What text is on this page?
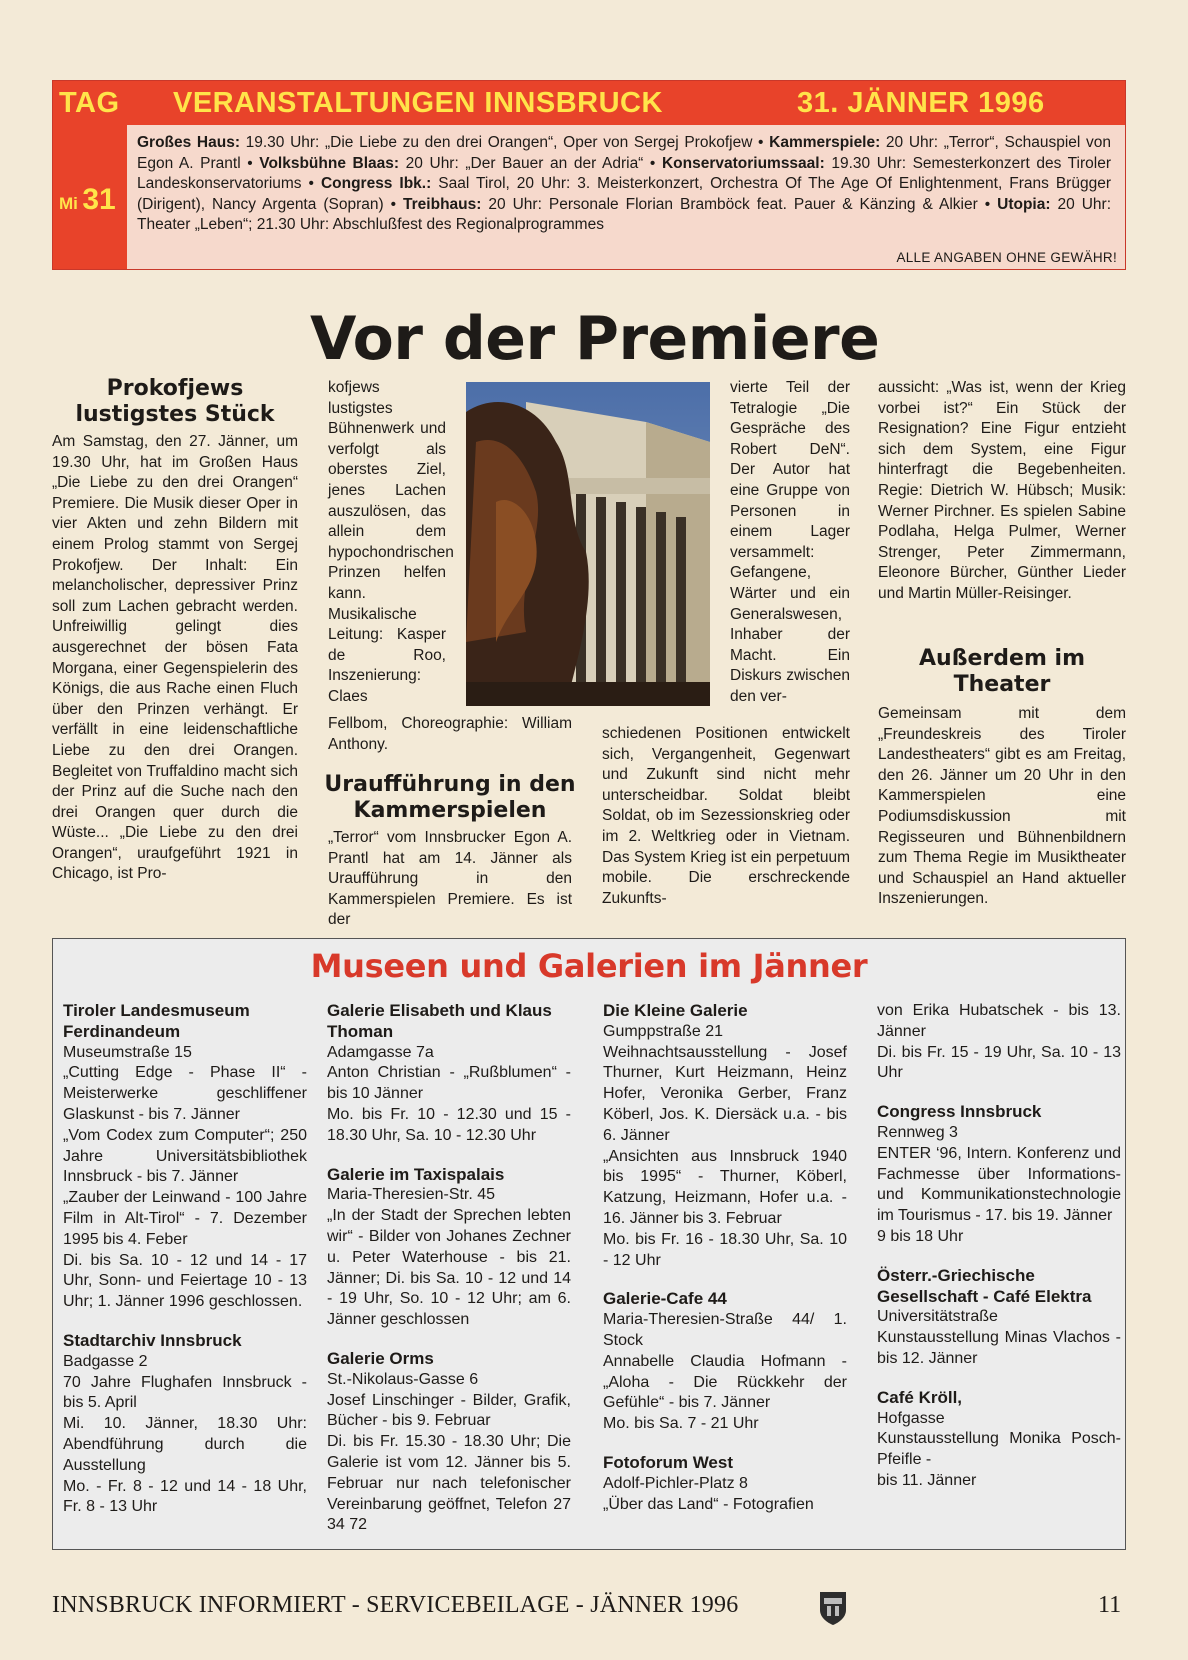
TAG VERANSTALTUNGEN INNSBRUCK	31. JÄNNER 1996
Mi 31

Großes Haus: 19.30 Uhr: „Die Liebe zu den drei Orangen“, Oper von Sergej Prokofjew • Kammerspiele: 20 Uhr: „Terror“, Schauspiel von Egon A. Prantl • Volksbühne Blaas: 20 Uhr: „Der Bauer an der Adria“ • Konservatoriumssaal: 19.30 Uhr: Semesterkonzert des Tiroler Landeskonservatoriums • Congress Ibk.: Saal Tirol, 20 Uhr: 3. Meisterkonzert, Orchestra Of The Age Of Enlightenment, Frans Brügger (Dirigent), Nancy Argenta (Sopran) • Treibhaus: 20 Uhr: Personale Florian Bramböck feat. Pauer & Känzing & Alkier • Utopia: 20 Uhr: Theater „Leben“; 21.30 Uhr: Abschlußfest des Regionalprogrammes

ALLE ANGABEN OHNE GEWÄHR!
Vor der Premiere
Prokofjews lustigstes Stück

Am Samstag, den 27. Jänner, um 19.30 Uhr, hat im Großen Haus „Die Liebe zu den drei Orangen“ Premiere. Die Musik dieser Oper in vier Akten und zehn Bildern mit einem Prolog stammt von Sergej Prokofjew. Der Inhalt: Ein melancholischer, depressiver Prinz soll zum Lachen gebracht werden. Unfreiwillig gelingt dies ausgerechnet der bösen Fata Morgana, einer Gegenspielerin des Königs, die aus Rache einen Fluch über den Prinzen verhängt. Er verfällt in eine leidenschaftliche Liebe zu den drei Orangen. Begleitet von Truffaldino macht sich der Prinz auf die Suche nach den drei Orangen quer durch die Wüste... „Die Liebe zu den drei Orangen“, uraufgeführt 1921 in Chicago, ist Pro-

kofjews lustigstes Bühnenwerk und verfolgt als oberstes Ziel, jenes Lachen auszulösen, das allein dem hypochondrischen Prinzen helfen kann. Musikalische Leitung: Kasper de Roo, Inszenierung: Claes
Fellbom, Choreographie: William Anthony.
Uraufführung in den Kammerspielen
„Terror“ vom Innsbrucker Egon A. Prantl hat am 14. Jänner als Uraufführung in den Kammerspielen Premiere. Es ist der
vierte Teil der Tetralogie „Die Gespräche des Robert DeN“. Der Autor hat eine Gruppe von Personen in einem Lager versammelt: Gefangene, Wärter und ein Generalswesen, Inhaber der Macht. Ein Diskurs zwischen den ver-
schiedenen Positionen entwickelt sich, Vergangenheit, Gegenwart und Zukunft sind nicht mehr unterscheidbar. Soldat bleibt Soldat, ob im Sezessionskrieg oder im 2. Weltkrieg oder in Vietnam. Das System Krieg ist ein perpetuum mobile. Die erschreckende Zukunfts-
aussicht: „Was ist, wenn der Krieg vorbei ist?“ Ein Stück der Resignation? Eine Figur entzieht sich dem System, eine Figur hinterfragt die Begebenheiten. Regie: Dietrich W. Hübsch; Musik: Werner Pirchner. Es spielen Sabine Podlaha, Helga Pulmer, Werner Strenger, Peter Zimmermann, Eleonore Bürcher, Günther Lieder und Martin Müller-Reisinger.
Außerdem im Theater
Gemeinsam mit dem „Freundeskreis des Tiroler Landestheaters“ gibt es am Freitag, den 26. Jänner um 20 Uhr in den Kammerspielen eine Podiumsdiskussion mit Regisseuren und Bühnenbildnern zum Thema Regie im Musiktheater und Schauspiel an Hand aktueller Inszenierungen.
Museen und Galerien im Jänner
Tiroler Landesmuseum Ferdinandeum

Museumstraße 15
„Cutting Edge - Phase II“ - Meisterwerke geschliffener Glaskunst - bis 7. Jänner
„Vom Codex zum Computer“; 250 Jahre Universitätsbibliothek Innsbruck - bis 7. Jänner
„Zauber der Leinwand - 100 Jahre Film in Alt-Tirol“ - 7. Dezember 1995 bis 4. Feber
Di. bis Sa. 10 - 12 und 14 - 17 Uhr, Sonn- und Feiertage 10 - 13 Uhr; 1. Jänner 1996 geschlossen.

Stadtarchiv Innsbruck

Badgasse 2
70 Jahre Flughafen Innsbruck - bis 5. April
Mi. 10. Jänner, 18.30 Uhr: Abendführung durch die Ausstellung
Mo. - Fr. 8 - 12 und 14 - 18 Uhr, Fr. 8 - 13 Uhr

Galerie Elisabeth und Klaus Thoman

Adamgasse 7a
Anton Christian - „Rußblumen“ - bis 10 Jänner
Mo. bis Fr. 10 - 12.30 und 15 - 18.30 Uhr, Sa. 10 - 12.30 Uhr

Galerie im Taxispalais

Maria-Theresien-Str. 45
„In der Stadt der Sprechen lebten wir“ - Bilder von Johanes Zechner u. Peter Waterhouse - bis 21. Jänner; Di. bis Sa. 10 - 12 und 14 - 19 Uhr, So. 10 - 12 Uhr; am 6. Jänner geschlossen

Galerie Orms

St.-Nikolaus-Gasse 6
Josef Linschinger - Bilder, Grafik, Bücher - bis 9. Februar
Di. bis Fr. 15.30 - 18.30 Uhr; Die Galerie ist vom 12. Jänner bis 5. Februar nur nach telefonischer Vereinbarung geöffnet, Telefon 27 34 72

Die Kleine Galerie

Gumppstraße 21
Weihnachtsausstellung - Josef Thurner, Kurt Heizmann, Heinz Hofer, Veronika Gerber, Franz Köberl, Jos. K. Diersäck u.a. - bis 6. Jänner
„Ansichten aus Innsbruck 1940 bis 1995“ - Thurner, Köberl, Katzung, Heizmann, Hofer u.a. - 16. Jänner bis 3. Februar
Mo. bis Fr. 16 - 18.30 Uhr, Sa. 10 - 12 Uhr

Galerie-Cafe 44

Maria-Theresien-Straße 44/ 1. Stock
Annabelle Claudia Hofmann - „Aloha - Die Rückkehr der Gefühle“ - bis 7. Jänner
Mo. bis Sa. 7 - 21 Uhr

Fotoforum West

Adolf-Pichler-Platz 8
„Über das Land“ - Fotografien

von Erika Hubatschek - bis 13. Jänner
Di. bis Fr. 15 - 19 Uhr, Sa. 10 - 13 Uhr

Congress Innsbruck

Rennweg 3
ENTER ‘96, Intern. Konferenz und Fachmesse über Informations- und Kommunikationstechnologie im Tourismus - 17. bis 19. Jänner
9 bis 18 Uhr

Österr.-Griechische Gesellschaft - Café Elektra

Universitätstraße
Kunstausstellung Minas Vlachos - bis 12. Jänner

Café Kröll,

Hofgasse
Kunstausstellung Monika Posch-Pfeifle -
bis 11. Jänner

INNSBRUCK INFORMIERT - SERVICEBEILAGE - JÄNNER 1996	11
